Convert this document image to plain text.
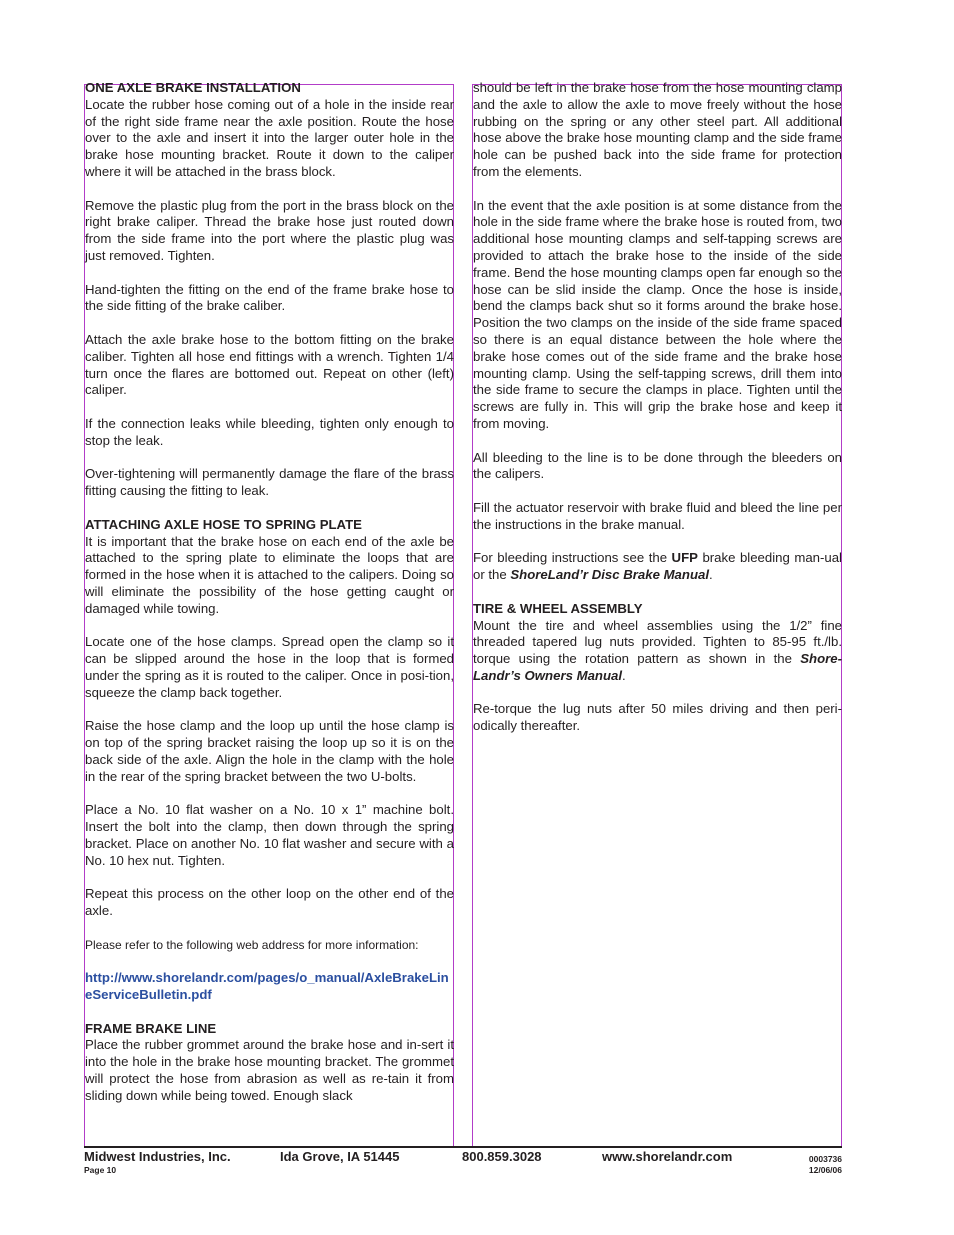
ONE AXLE BRAKE INSTALLATION

Locate the rubber hose coming out of a hole in the inside rear of the right side frame near the axle position. Route the hose over to the axle and insert it into the larger outer hole in the brake hose mounting bracket. Route it down to the caliper where it will be attached in the brass block.

Remove the plastic plug from the port in the brass block on the right brake caliper. Thread the brake hose just routed down from the side frame into the port where the plastic plug was just removed. Tighten.

Hand-tighten the fitting on the end of the frame brake hose to the side fitting of the brake caliber.

Attach the axle brake hose to the bottom fitting on the brake caliber. Tighten all hose end fittings with a wrench. Tighten 1/4 turn once the flares are bottomed out. Repeat on other (left) caliper.

If the connection leaks while bleeding, tighten only enough to stop the leak.

Over-tightening will permanently damage the flare of the brass fitting causing the fitting to leak.

ATTACHING AXLE HOSE TO SPRING PLATE

It is important that the brake hose on each end of the axle be attached to the spring plate to eliminate the loops that are formed in the hose when it is attached to the calipers. Doing so will eliminate the possibility of the hose getting caught or damaged while towing.

Locate one of the hose clamps. Spread open the clamp so it can be slipped around the hose in the loop that is formed under the spring as it is routed to the caliper. Once in posi-tion, squeeze the clamp back together.

Raise the hose clamp and the loop up until the hose clamp is on top of the spring bracket raising the loop up so it is on the back side of the axle. Align the hole in the clamp with the hole in the rear of the spring bracket between the two U-bolts.

Place a No. 10 flat washer on a No. 10 x 1” machine bolt. Insert the bolt into the clamp, then down through the spring bracket. Place on another No. 10 flat washer and secure with a No. 10 hex nut. Tighten.

Repeat this process on the other loop on the other end of the axle.

Please refer to the following web address for more information:

http://www.shorelandr.com/pages/o_manual/AxleBrakeLineServiceBulletin.pdf
FRAME BRAKE LINE

Place the rubber grommet around the brake hose and in-sert it into the hole in the brake hose mounting bracket. The grommet will protect the hose from abrasion as well as re-tain it from sliding down while being towed. Enough slack

should be left in the brake hose from the hose mounting clamp and the axle to allow the axle to move freely without the hose rubbing on the spring or any other steel part. All additional hose above the brake hose mounting clamp and the side frame hole can be pushed back into the side frame for protection from the elements.

In the event that the axle position is at some distance from the hole in the side frame where the brake hose is routed from, two additional hose mounting clamps and self-tapping screws are provided to attach the brake hose to the inside of the side frame. Bend the hose mounting clamps open far enough so the hose can be slid inside the clamp. Once the hose is inside, bend the clamps back shut so it forms around the brake hose. Position the two clamps on the inside of the side frame spaced so there is an equal distance between the hole where the brake hose comes out of the side frame and the brake hose mounting clamp. Using the self-tapping screws, drill them into the side frame to secure the clamps in place. Tighten until the screws are fully in. This will grip the brake hose and keep it from moving.

All bleeding to the line is to be done through the bleeders on the calipers.

Fill the actuator reservoir with brake fluid and bleed the line per the instructions in the brake manual.

For bleeding instructions see the UFP brake bleeding man-ual or the ShoreLand’r Disc Brake Manual.

TIRE & WHEEL ASSEMBLY

Mount the tire and wheel assemblies using the 1/2” fine threaded tapered lug nuts provided. Tighten to 85-95 ft./lb. torque using the rotation pattern as shown in the Shore-Landr’s Owners Manual.

Re-torque the lug nuts after 50 miles driving and then peri-odically thereafter.

Midwest Industries, Inc.	Ida Grove, IA 51445	800.859.3028	www.shorelandr.com
Page 10
0003736
12/06/06
